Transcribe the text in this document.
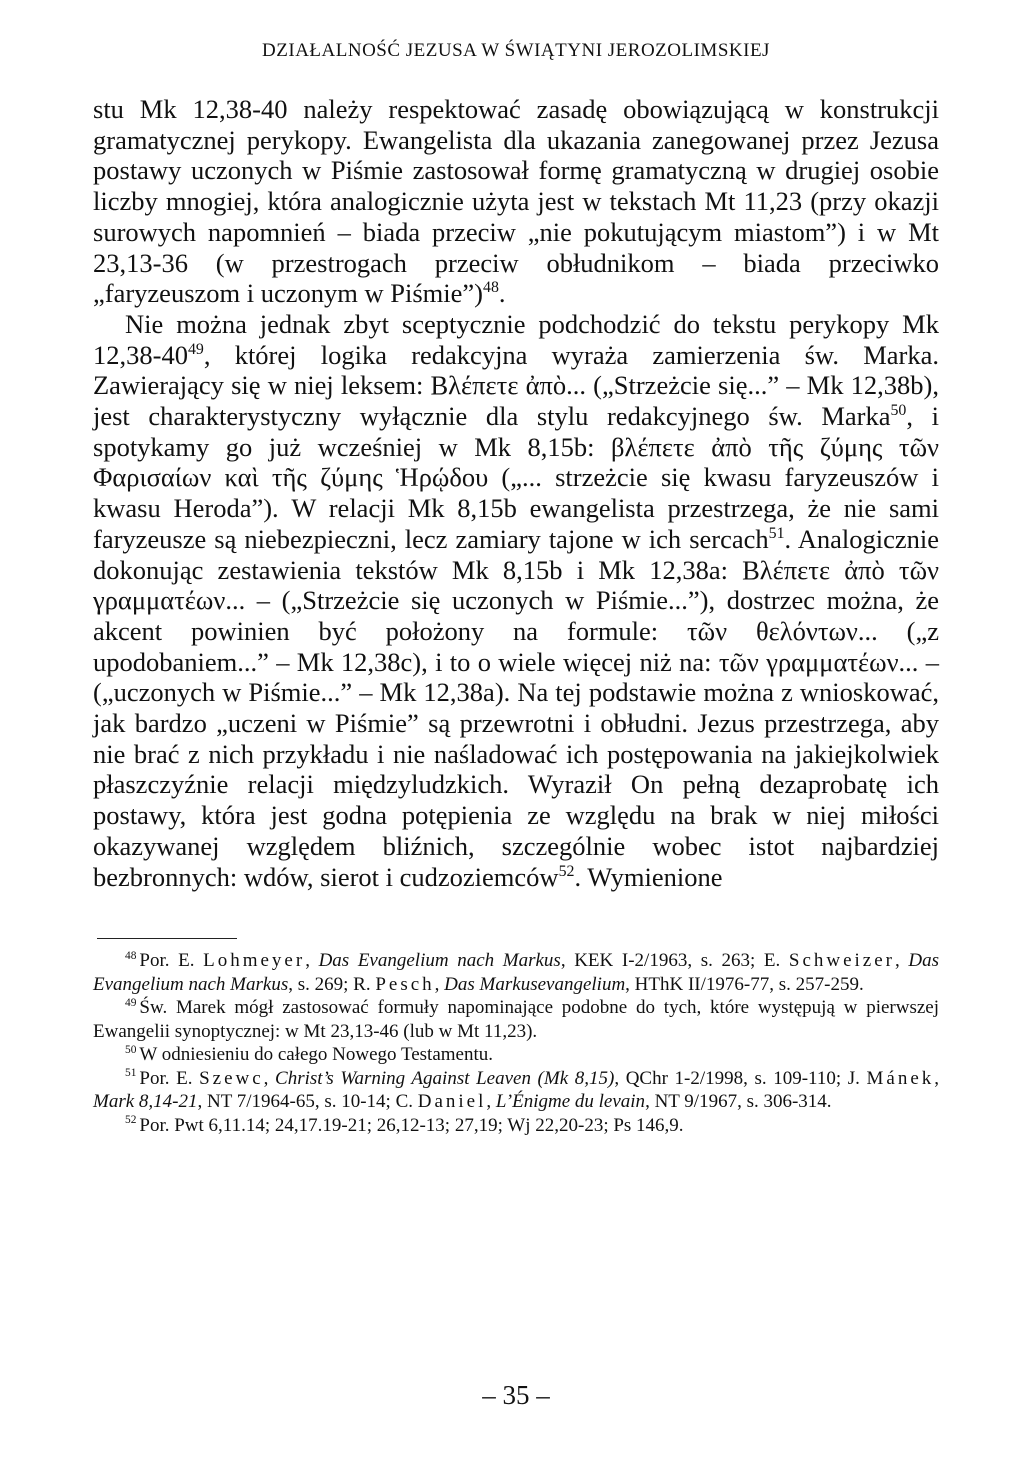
DZIAŁALNOŚĆ JEZUSA W ŚWIĄTYNI JEROZOLIMSKIEJ

stu Mk 12,38-40 należy respektować zasadę obowiązującą w konstrukcji gramatycznej perykopy. Ewangelista dla ukazania zanegowanej przez Jezusa postawy uczonych w Piśmie zastosował formę gramatyczną w drugiej osobie liczby mnogiej, która analogicznie użyta jest w tekstach Mt 11,23 (przy okazji surowych napomnień – biada przeciw „nie pokutującym miastom”) i w Mt 23,13-36 (w przestrogach przeciw obłudnikom – biada przeciwko „faryzeuszom i uczonym w Piśmie”)$^{48}$.

Nie można jednak zbyt sceptycznie podchodzić do tekstu perykopy Mk $12,38-40^{49}$, której logika redakcyjna wyraża zamierzenia św. Marka. Zawierający się w niej leksem: Βλέπετε ἀπὸ... („Strzeżcie się...” – Mk 12,38b), jest charakterystyczny wyłącznie dla stylu redakcyjnego św. Marka$^{50}$, i spotykamy go już wcześniej w Mk 8,15b: βλέπετε ἀπὸ τῆς ζύμης τῶν Φαρισαίων καὶ τῆς ζύμης Ἡρῴδου („... strzeżcie się kwasu faryzeuszów i kwasu Heroda”). W relacji Mk 8,15b ewangelista przestrzega, że nie sami faryzeusze są niebezpieczni, lecz zamiary tajone w ich sercach$^{51}$. Analogicznie dokonując zestawienia tekstów Mk 8,15b i Mk 12,38a: Βλέπετε ἀπὸ τῶν γραμματέων... – („Strzeżcie się uczonych w Piśmie...”), dostrzec można, że akcent powinien być położony na formule: τῶν θελόντων... („z upodobaniem...” – Mk 12,38c), i to o wiele więcej niż na: τῶν γραμματέων... – („uczonych w Piśmie...” – Mk 12,38a). Na tej podstawie można z wnioskować, jak bardzo „uczeni w Piśmie” są przewrotni i obłudni. Jezus przestrzega, aby nie brać z nich przykładu i nie naśladować ich postępowania na jakiejkolwiek płaszczyźnie relacji międzyludzkich. Wyraził On pełną dezaprobatę ich postawy, która jest godna potępienia ze względu na brak w niej miłości okazywanej względem bliźnich, szczególnie wobec istot najbardziej bezbronnych: wdów, sierot i cudzoziemców$^{52}$. Wymienione

$^{48}$ Por. E. Lohmeyer, Das Evangelium nach Markus, KEK I-2/1963, s. 263; E. Schweizer, Das Evangelium nach Markus, s. 269; R. Pesch, Das Markusevangelium, HThK II/1976-77, s. 257-259.

$^{49}$ Św. Marek mógł zastosować formuły napominające podobne do tych, które występują w pierwszej Ewangelii synoptycznej: w Mt 23,13-46 (lub w Mt 11,23).

$^{50}$ W odniesieniu do całego Nowego Testamentu.

$^{51}$ Por. E. Szewc, Christ’s Warning Against Leaven (Mk 8,15), QChr 1-2/1998, s. 109-110; J. Mánek, Mark 8,14-21, NT 7/1964-65, s. 10-14; C. Daniel, L’Énigme du levain, NT 9/1967, s. 306-314.

$^{52}$ Por. Pwt 6,11.14; 24,17.19-21; 26,12-13; 27,19; Wj 22,20-23; Ps 146,9.

– 35 –
